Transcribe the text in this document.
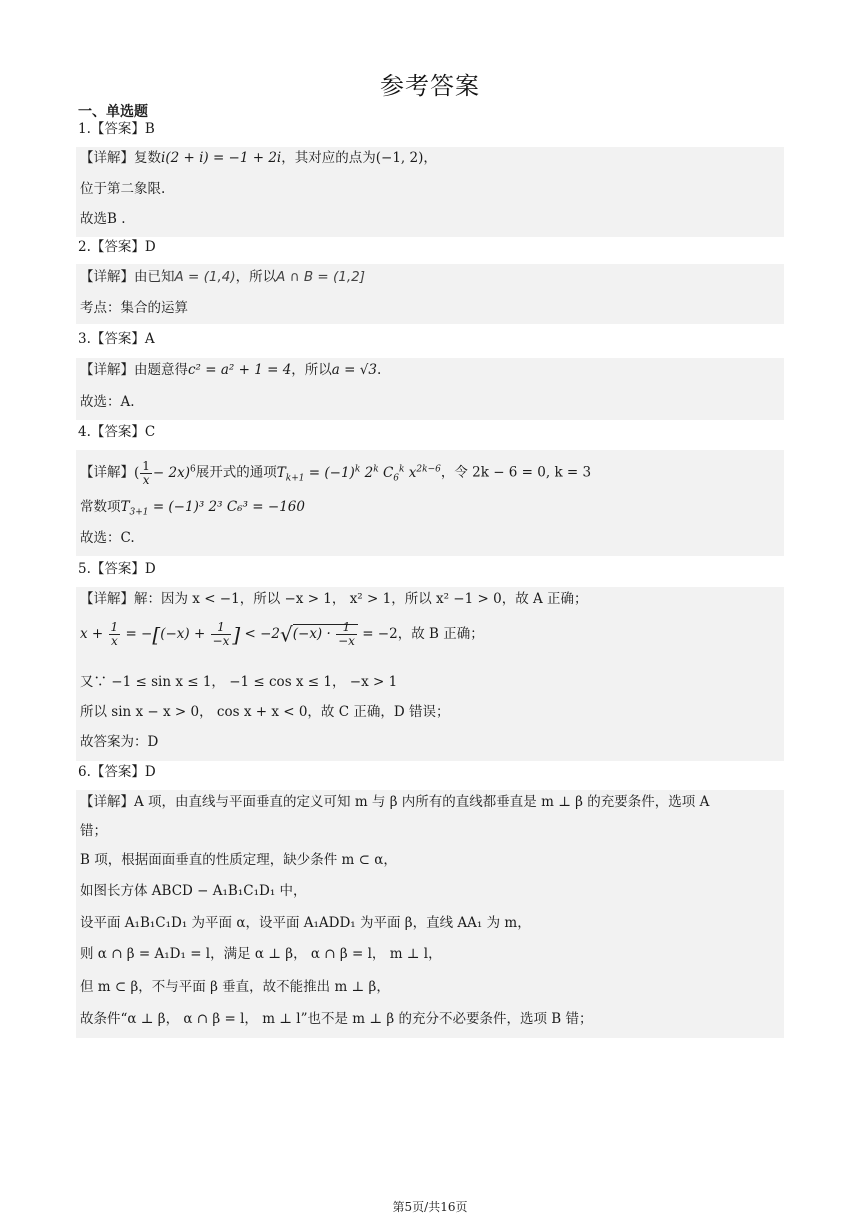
参考答案
一、单选题
1.【答案】B
【详解】复数i(2 + i) = −1 + 2i，其对应的点为(−1, 2)，
位于第二象限.
故选B .
2.【答案】D
【详解】由已知A = (1,4)，所以A ∩ B = (1,2]
考点：集合的运算
3.【答案】A
【详解】由题意得c² = a² + 1 = 4，所以a = √3.
故选：A.
4.【答案】C
【详解】( $\frac{1}{x} - 2x)^6$展开式的通项$T_{k+1} = (-1)^k$ 2$^k$ $C_6^k$ $x^{2k-6}$，令 2k − 6 = 0, k = 3
常数项$T_{3+1} = (-1)^3$ 2³ C₆³ = −160
故选：C.
5.【答案】D
【详解】解：因为 x < −1，所以 −x > 1， x² > 1，所以 x² −1 > 0，故 A 正确；
$x + \frac{1}{x} = -[(-x) + \frac{1}{-x}$ ] < $-2√(-x) \cdot \frac{1}{-x} = -2$，故 B 正确；
又∵ −1 ≤ sin x ≤ 1， −1 ≤ cos x ≤ 1， −x > 1
所以 sin x − x > 0， cos x + x < 0，故 C 正确，D 错误；
故答案为：D
6.【答案】D
【详解】A 项，由直线与平面垂直的定义可知 m 与 β 内所有的直线都垂直是 m ⊥ β 的充要条件，选项 A
错；
B 项，根据面面垂直的性质定理，缺少条件 m ⊂ α，
如图长方体 ABCD − A₁B₁C₁D₁ 中，
设平面 A₁B₁C₁D₁ 为平面 α，设平面 A₁ADD₁ 为平面 β，直线 AA₁ 为 m，
则 α ∩ β = A₁D₁ = l，满足 α ⊥ β， α ∩ β = l， m ⊥ l，
但 m ⊂ β，不与平面 β 垂直，故不能推出 m ⊥ β，
故条件“α ⊥ β， α ∩ β = l， m ⊥ l”也不是 m ⊥ β 的充分不必要条件，选项 B 错；
第5页/共16页
